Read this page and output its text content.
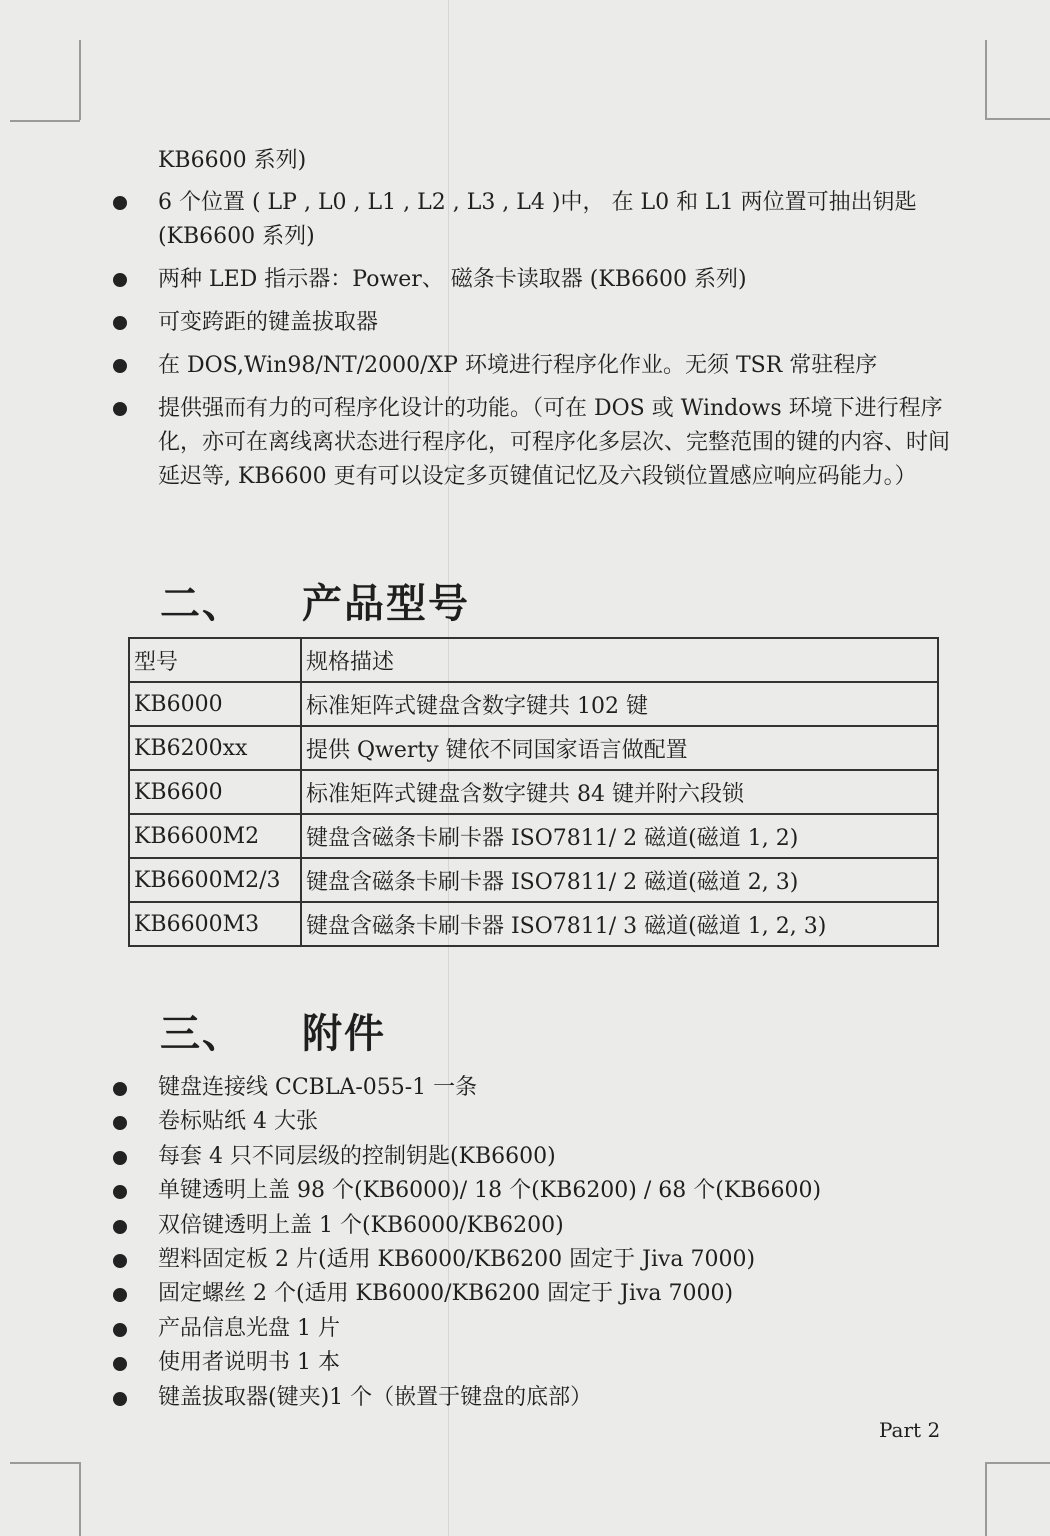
KB6600 系列)
6 个位置 ( LP , L0 , L1 , L2 , L3 , L4 )中， 在 L0 和 L1 两位置可抽出钥匙(KB6600 系列)
两种 LED 指示器：Power、 磁条卡读取器 (KB6600 系列)
可变跨距的键盖拔取器
在 DOS,Win98/NT/2000/XP 环境进行程序化作业。无须 TSR 常驻程序
提供强而有力的可程序化设计的功能。（可在 DOS 或 Windows 环境下进行程序化，亦可在离线离状态进行程序化，可程序化多层次、完整范围的键的内容、时间延迟等, KB6600 更有可以设定多页键值记忆及六段锁位置感应响应码能力。）
二、 产品型号
型号	规格描述
KB6000	标准矩阵式键盘含数字键共 102 键
KB6200xx	提供 Qwerty 键依不同国家语言做配置
KB6600	标准矩阵式键盘含数字键共 84 键并附六段锁
KB6600M2	键盘含磁条卡刷卡器 ISO7811/ 2 磁道(磁道 1, 2)
KB6600M2/3	键盘含磁条卡刷卡器 ISO7811/ 2 磁道(磁道 2, 3)
KB6600M3	键盘含磁条卡刷卡器 ISO7811/ 3 磁道(磁道 1, 2, 3)
三、 附件
键盘连接线 CCBLA-055-1 一条
卷标贴纸 4 大张
每套 4 只不同层级的控制钥匙(KB6600)
单键透明上盖 98 个(KB6000)/ 18 个(KB6200) / 68 个(KB6600)
双倍键透明上盖 1 个(KB6000/KB6200)
塑料固定板 2 片(适用 KB6000/KB6200 固定于 Jiva 7000)
固定螺丝 2 个(适用 KB6000/KB6200 固定于 Jiva 7000)
产品信息光盘 1 片
使用者说明书 1 本
键盖拔取器(键夹)1 个（嵌置于键盘的底部）
Part 2
